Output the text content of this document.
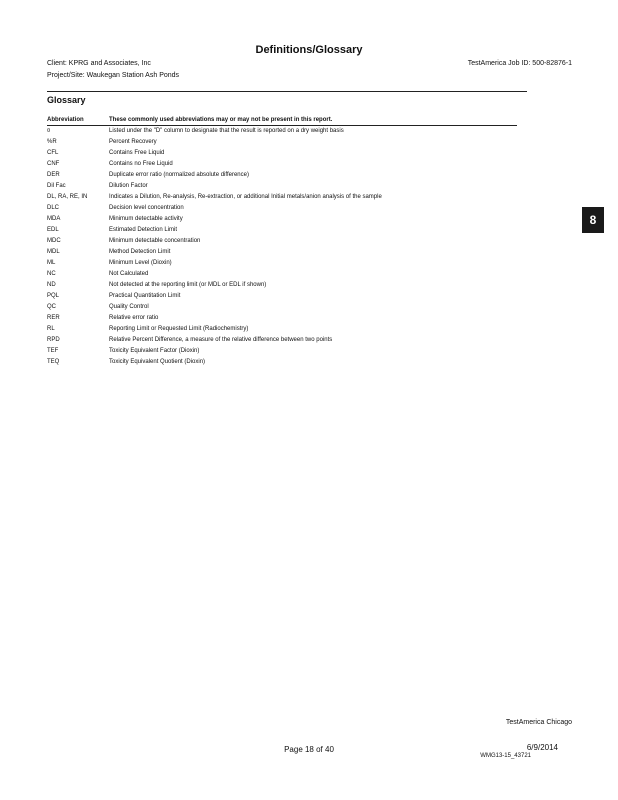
Definitions/Glossary
Client: KPRG and Associates, Inc	TestAmerica Job ID: 500-82876-1
Project/Site: Waukegan Station Ash Ponds
Glossary
Abbreviation	These commonly used abbreviations may or may not be present in this report.
¤	Listed under the "D" column to designate that the result is reported on a dry weight basis
%R	Percent Recovery
CFL	Contains Free Liquid
CNF	Contains no Free Liquid
DER	Duplicate error ratio (normalized absolute difference)
Dil Fac	Dilution Factor
DL, RA, RE, IN	Indicates a Dilution, Re-analysis, Re-extraction, or additional Initial metals/anion analysis of the sample
DLC	Decision level concentration
MDA	Minimum detectable activity
EDL	Estimated Detection Limit
MDC	Minimum detectable concentration
MDL	Method Detection Limit
ML	Minimum Level (Dioxin)
NC	Not Calculated
ND	Not detected at the reporting limit (or MDL or EDL if shown)
PQL	Practical Quantitation Limit
QC	Quality Control
RER	Relative error ratio
RL	Reporting Limit or Requested Limit (Radiochemistry)
RPD	Relative Percent Difference, a measure of the relative difference between two points
TEF	Toxicity Equivalent Factor (Dioxin)
TEQ	Toxicity Equivalent Quotient (Dioxin)
8
TestAmerica Chicago
Page 18 of 40	6/9/2014
WMG13-15_43721
